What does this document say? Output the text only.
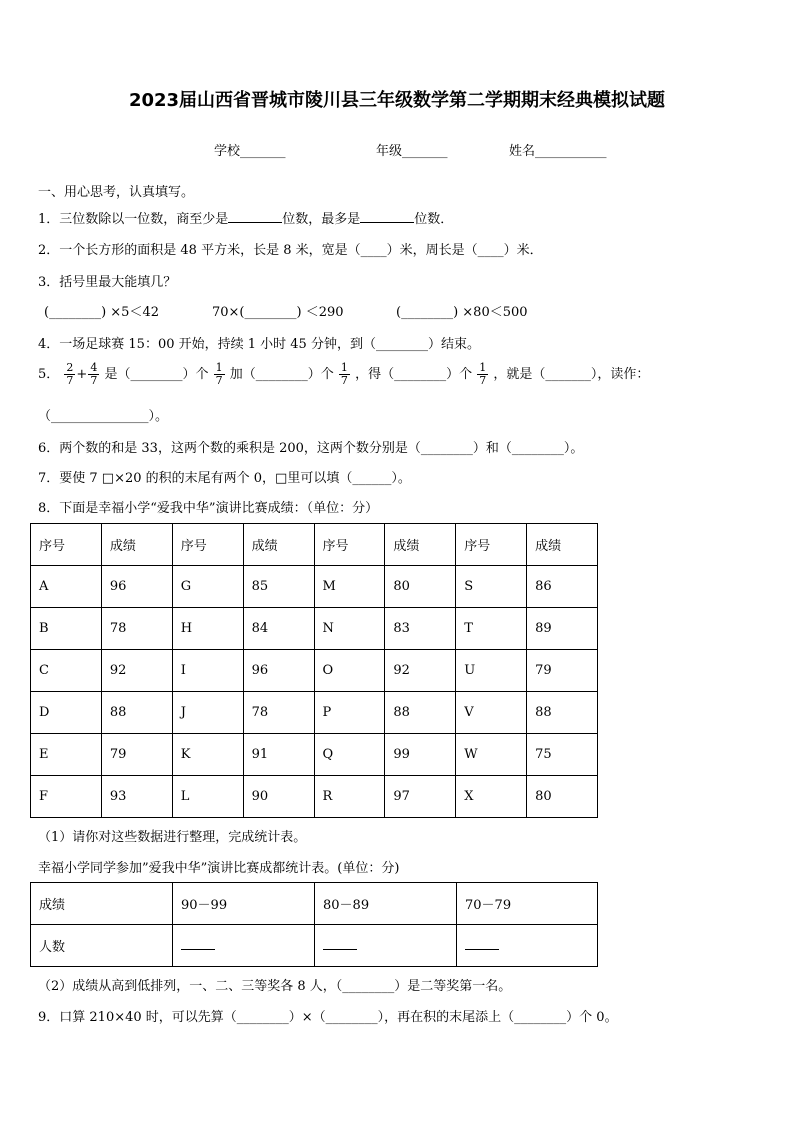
2023届山西省晋城市陵川县三年级数学第二学期期末经典模拟试题
学校_______	年级_______	姓名___________
一、用心思考，认真填写。
1．三位数除以一位数，商至少是	位数，最多是	位数．
2．一个长方形的面积是 48 平方米，长是 8 米，宽是（____）米，周长是（____）米．
3．括号里最大能填几？
(________) ×5＜42	70×(________) ＜290	(________) ×80＜500
4．一场足球赛 15：00 开始，持续 1 小时 45 分钟，到（________）结束。
5． $\frac{2}{7} + \frac{4}{7}$ 是（________）个 $\frac{1}{7}$ 加（________）个 $\frac{1}{7}$ ，得（________）个 $\frac{1}{7}$ ，就是（_______），读作：
（_______________）。
6．两个数的和是 33，这两个数的乘积是 200，这两个数分别是（________）和（________）。
7．要使 7 □×20 的积的末尾有两个 0，□里可以填（______）。
8．下面是幸福小学“爱我中华”演讲比赛成绩：（单位：分）
序号	成绩	序号	成绩	序号	成绩	序号	成绩
A	96	G	85	M	80	S	86
B	78	H	84	N	83	T	89
C	92	I	96	O	92	U	79
D	88	J	78	P	88	V	88
E	79	K	91	Q	99	W	75
F	93	L	90	R	97	X	80
（1）请你对这些数据进行整理，完成统计表。
幸福小学同学参加”爱我中华”演讲比赛成都统计表。(单位：分)
成绩	90－99	80－89	70－79
人数			
（2）成绩从高到低排列，一、二、三等奖各 8 人，（________）是二等奖第一名。
9．口算 210×40 时，可以先算（________）×（________），再在积的末尾添上（________）个 0。
